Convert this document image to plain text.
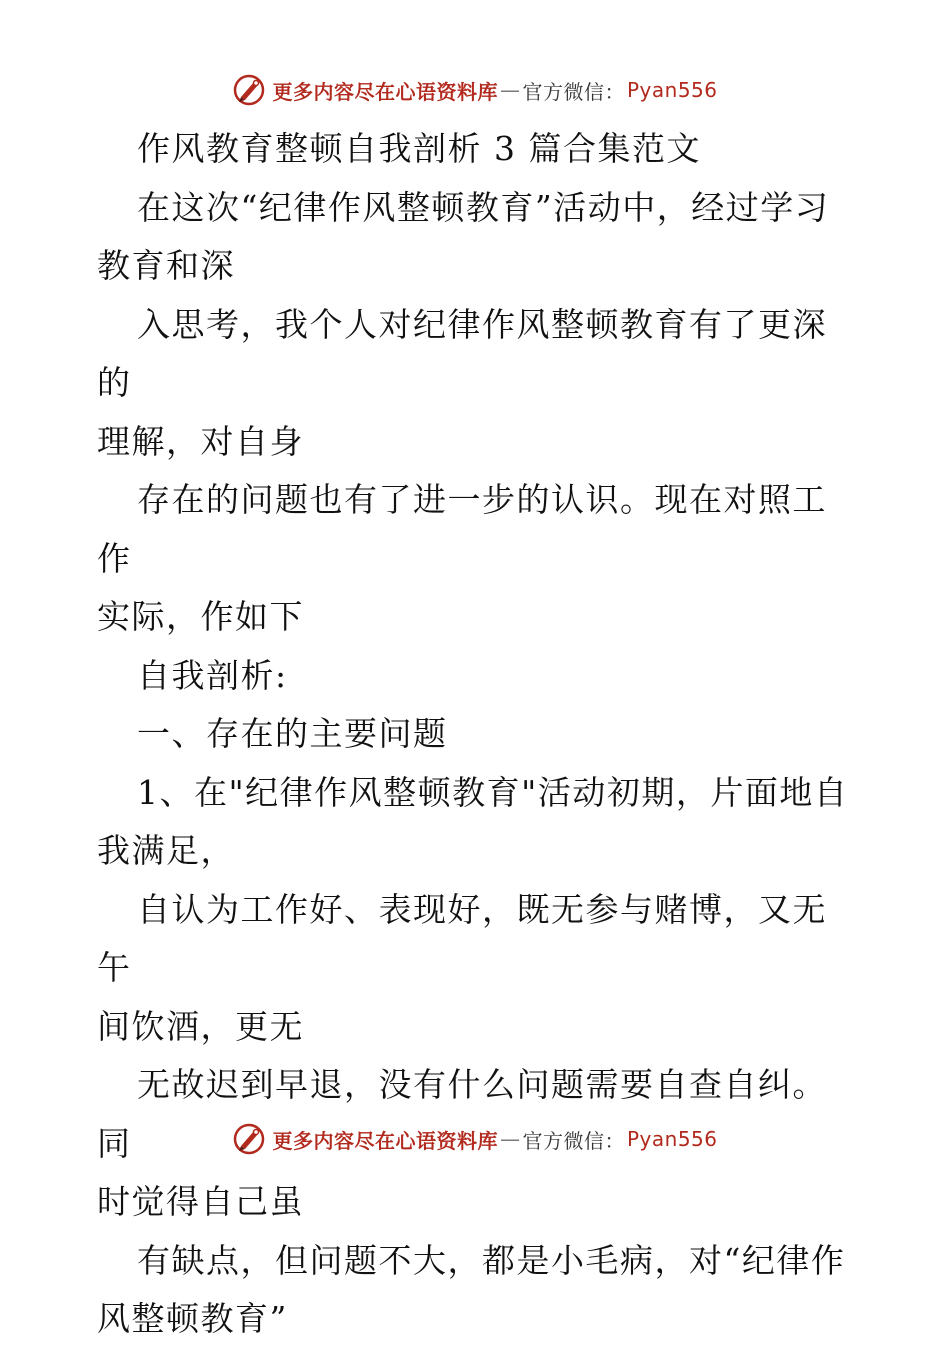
更多内容尽在心语资料库 — 官方微信： Pyan556

作风教育整顿自我剖析 3 篇合集范文

在这次“纪律作风整顿教育”活动中，经过学习

教育和深

入思考，我个人对纪律作风整顿教育有了更深的

理解，对自身

存在的问题也有了进一步的认识。现在对照工作

实际，作如下

自我剖析:

一、存在的主要问题

1、在"纪律作风整顿教育"活动初期，片面地自

我满足，

自认为工作好、表现好，既无参与赌博，又无午

间饮酒，更无

无故迟到早退，没有什么问题需要自查自纠。同

时觉得自己虽

有缺点，但问题不大，都是小毛病，对“纪律作

风整顿教育”

更多内容尽在心语资料库 — 官方微信： Pyan556
